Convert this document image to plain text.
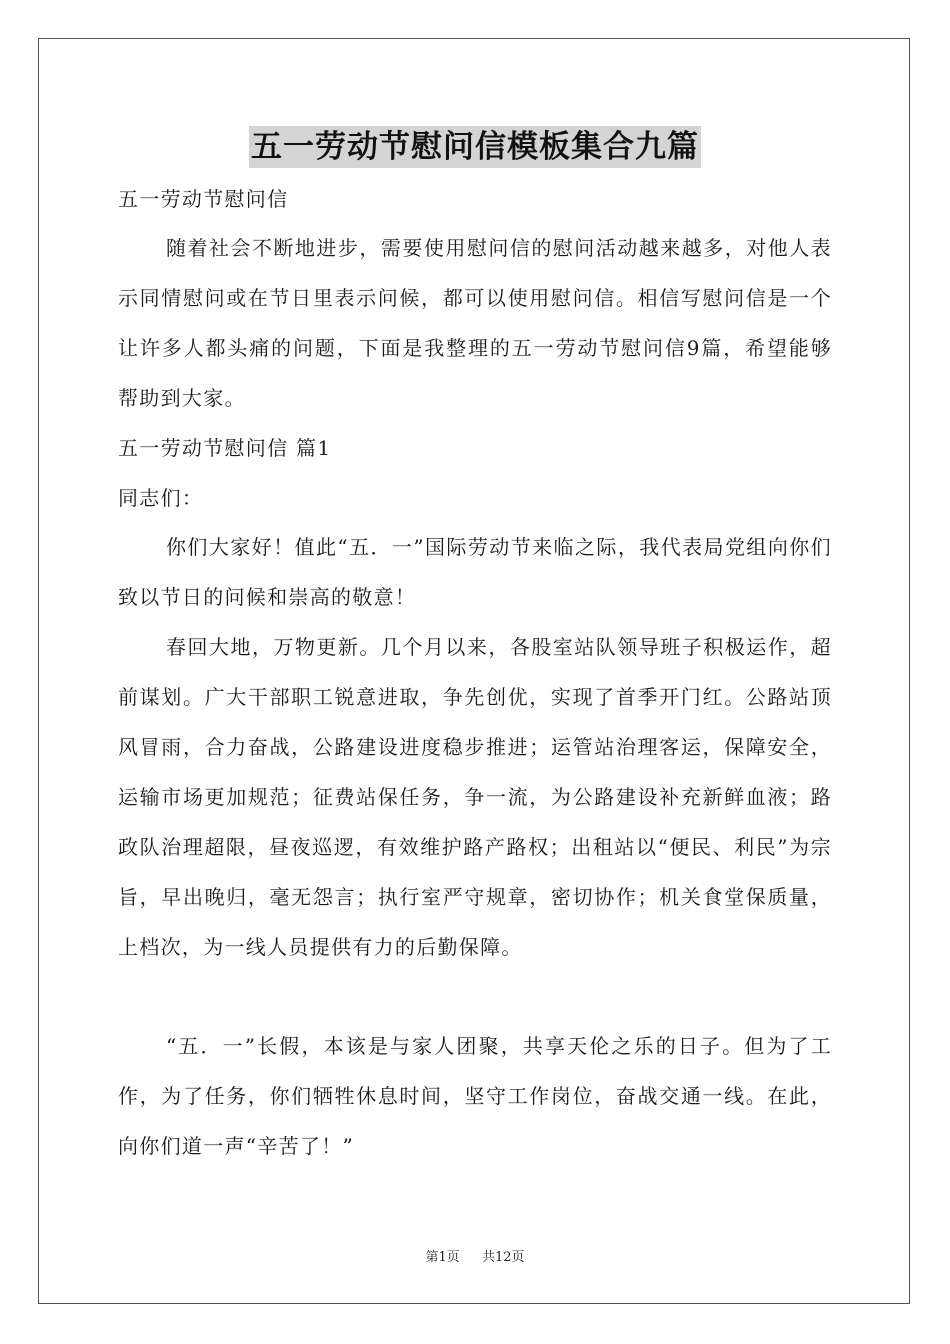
五一劳动节慰问信模板集合九篇
五一劳动节慰问信
随着社会不断地进步，需要使用慰问信的慰问活动越来越多，对他人表示同情慰问或在节日里表示问候，都可以使用慰问信。相信写慰问信是一个让许多人都头痛的问题，下面是我整理的五一劳动节慰问信9篇，希望能够帮助到大家。
五一劳动节慰问信 篇1
同志们：
你们大家好！值此“五．一”国际劳动节来临之际，我代表局党组向你们致以节日的问候和崇高的敬意！
春回大地，万物更新。几个月以来，各股室站队领导班子积极运作，超前谋划。广大干部职工锐意进取，争先创优，实现了首季开门红。公路站顶风冒雨，合力奋战，公路建设进度稳步推进；运管站治理客运，保障安全，运输市场更加规范；征费站保任务，争一流，为公路建设补充新鲜血液；路政队治理超限，昼夜巡逻，有效维护路产路权；出租站以“便民、利民”为宗旨，早出晚归，毫无怨言；执行室严守规章，密切协作；机关食堂保质量，上档次，为一线人员提供有力的后勤保障。
“五．一”长假，本该是与家人团聚，共享天伦之乐的日子。但为了工作，为了任务，你们牺牲休息时间，坚守工作岗位，奋战交通一线。在此，向你们道一声“辛苦了！”
第1页 共12页
